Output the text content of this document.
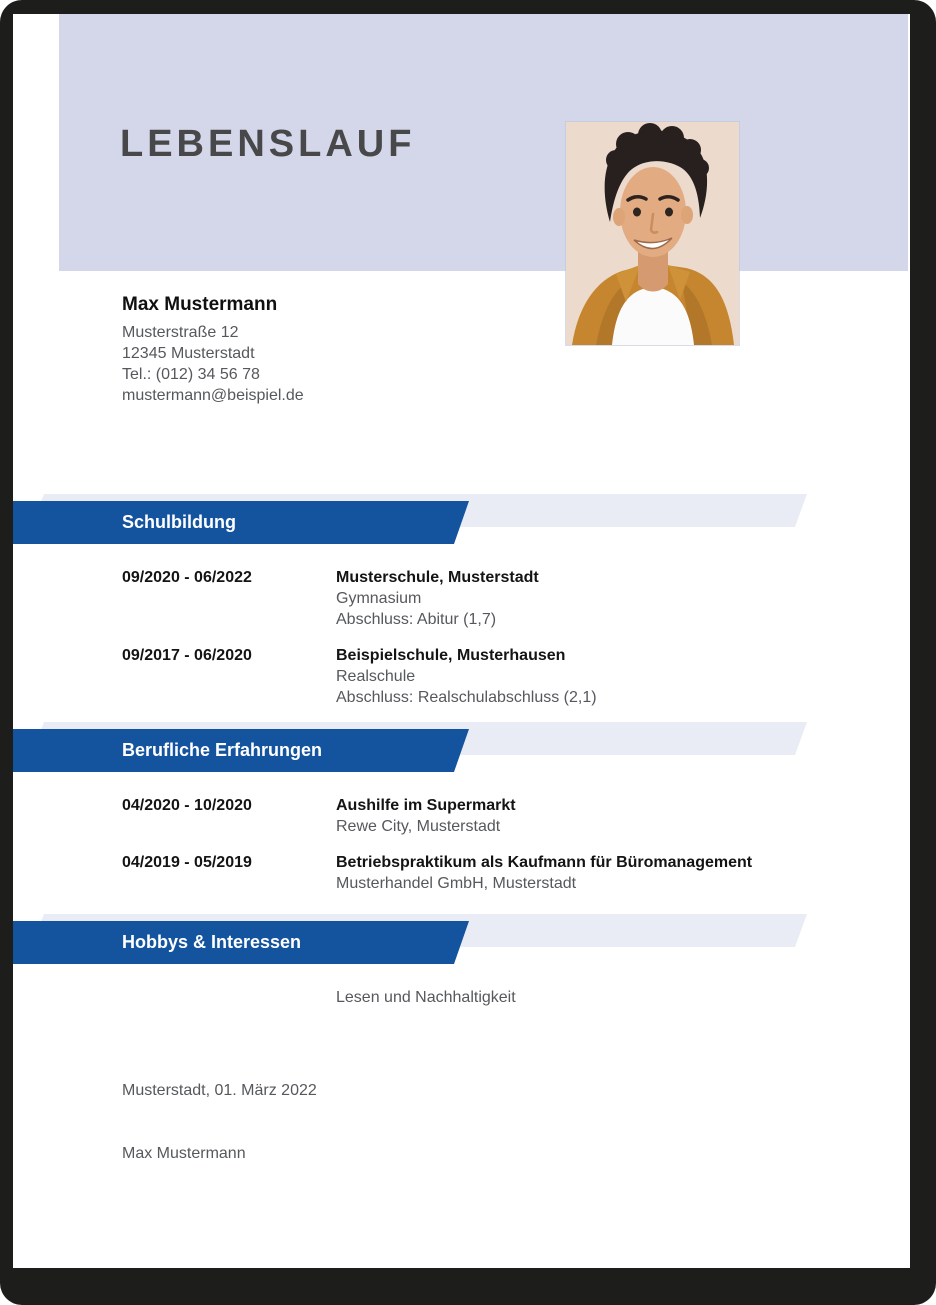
LEBENSLAUF
Max Mustermann
Musterstraße 12
12345 Musterstadt
Tel.: (012) 34 56 78
mustermann@beispiel.de
Schulbildung
09/2020 - 06/2022	Musterschule, Musterstadt
Gymnasium
Abschluss: Abitur (1,7)
09/2017 - 06/2020	Beispielschule, Musterhausen
Realschule
Abschluss: Realschulabschluss (2,1)
Berufliche Erfahrungen
04/2020 - 10/2020	Aushilfe im Supermarkt
Rewe City, Musterstadt
04/2019 - 05/2019	Betriebspraktikum als Kaufmann für Büromanagement
Musterhandel GmbH, Musterstadt
Hobbys & Interessen
Lesen und Nachhaltigkeit
Musterstadt, 01. März 2022
Max Mustermann
